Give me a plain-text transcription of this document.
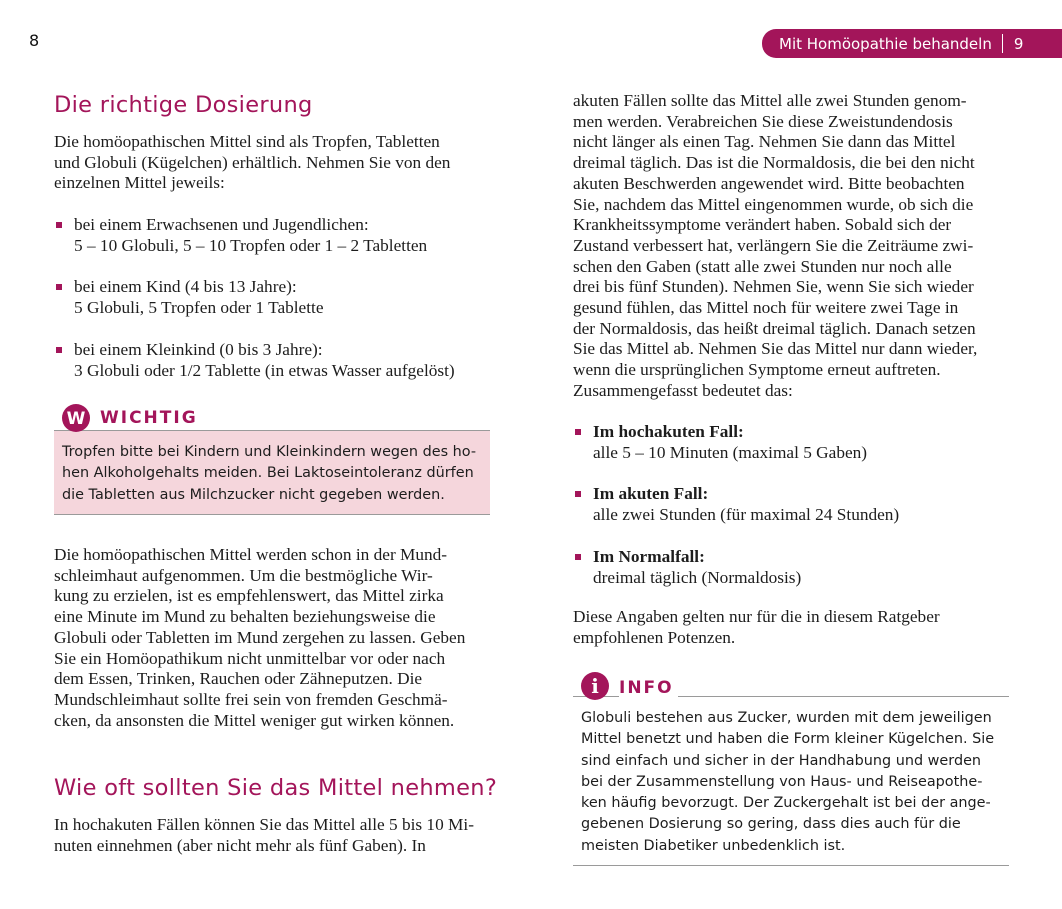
8	Mit Homöopathie behandeln 9
Die richtige Dosierung
Die homöopathischen Mittel sind als Tropfen, Tabletten
und Globuli (Kügelchen) erhältlich. Nehmen Sie von den
einzelnen Mittel jeweils:
bei einem Erwachsenen und Jugendlichen:
5 – 10 Globuli, 5 – 10 Tropfen oder 1 – 2 Tabletten
bei einem Kind (4 bis 13 Jahre):
5 Globuli, 5 Tropfen oder 1 Tablette
bei einem Kleinkind (0 bis 3 Jahre):
3 Globuli oder 1/2 Tablette (in etwas Wasser aufgelöst)
W WICHTIG
Tropfen bitte bei Kindern und Kleinkindern wegen des ho-
hen Alkoholgehalts meiden. Bei Laktoseintoleranz dürfen
die Tabletten aus Milchzucker nicht gegeben werden.
Die homöopathischen Mittel werden schon in der Mund-
schleimhaut aufgenommen. Um die bestmögliche Wir-
kung zu erzielen, ist es empfehlenswert, das Mittel zirka
eine Minute im Mund zu behalten beziehungsweise die
Globuli oder Tabletten im Mund zergehen zu lassen. Geben
Sie ein Homöopathikum nicht unmittelbar vor oder nach
dem Essen, Trinken, Rauchen oder Zähneputzen. Die
Mundschleimhaut sollte frei sein von fremden Geschmä-
cken, da ansonsten die Mittel weniger gut wirken können.
Wie oft sollten Sie das Mittel nehmen?
In hochakuten Fällen können Sie das Mittel alle 5 bis 10 Mi-
nuten einnehmen (aber nicht mehr als fünf Gaben). In
akuten Fällen sollte das Mittel alle zwei Stunden genom-
men werden. Verabreichen Sie diese Zweistundendosis
nicht länger als einen Tag. Nehmen Sie dann das Mittel
dreimal täglich. Das ist die Normaldosis, die bei den nicht
akuten Beschwerden angewendet wird. Bitte beobachten
Sie, nachdem das Mittel eingenommen wurde, ob sich die
Krankheitssymptome verändert haben. Sobald sich der
Zustand verbessert hat, verlängern Sie die Zeiträume zwi-
schen den Gaben (statt alle zwei Stunden nur noch alle
drei bis fünf Stunden). Nehmen Sie, wenn Sie sich wieder
gesund fühlen, das Mittel noch für weitere zwei Tage in
der Normaldosis, das heißt dreimal täglich. Danach setzen
Sie das Mittel ab. Nehmen Sie das Mittel nur dann wieder,
wenn die ursprünglichen Symptome erneut auftreten.
Zusammengefasst bedeutet das:
Im hochakuten Fall:
alle 5 – 10 Minuten (maximal 5 Gaben)
Im akuten Fall:
alle zwei Stunden (für maximal 24 Stunden)
Im Normalfall:
dreimal täglich (Normaldosis)
Diese Angaben gelten nur für die in diesem Ratgeber
empfohlenen Potenzen.
i INFO
Globuli bestehen aus Zucker, wurden mit dem jeweiligen
Mittel benetzt und haben die Form kleiner Kügelchen. Sie
sind einfach und sicher in der Handhabung und werden
bei der Zusammenstellung von Haus- und Reiseapothe-
ken häufig bevorzugt. Der Zuckergehalt ist bei der ange-
gebenen Dosierung so gering, dass dies auch für die
meisten Diabetiker unbedenklich ist.
